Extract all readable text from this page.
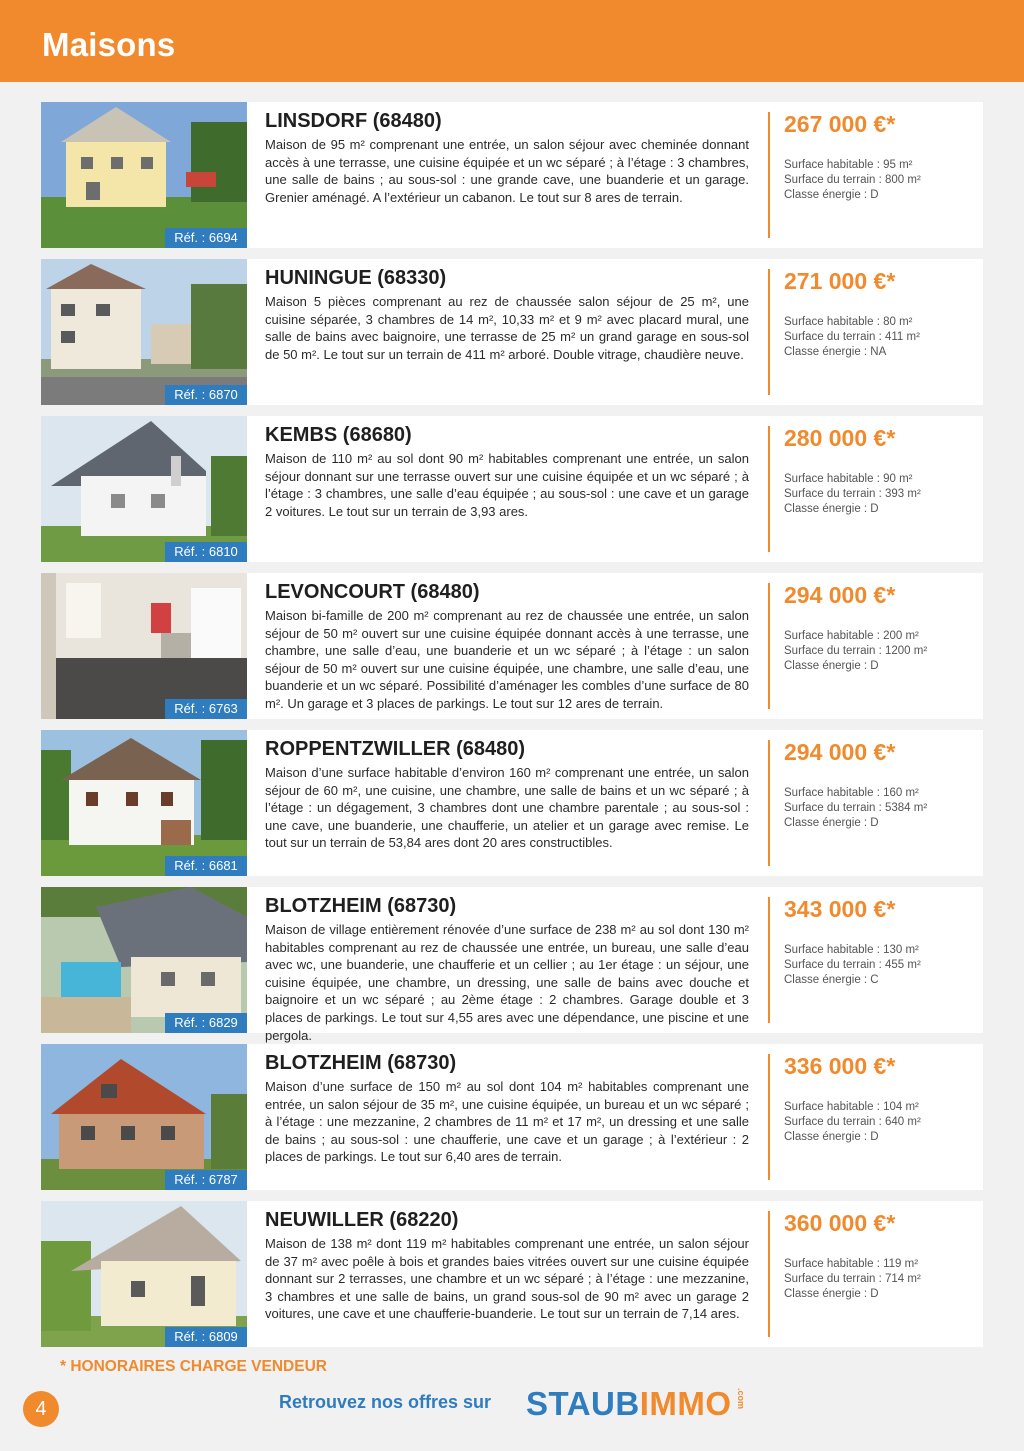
Maisons
Réf. : 6694
LINSDORF (68480)
Maison de 95 m² comprenant une entrée, un salon séjour avec cheminée donnant accès à une terrasse, une cuisine équipée et un wc séparé ; à l’étage : 3 chambres, une salle de bains ; au sous-sol : une grande cave, une buanderie et un garage. Grenier aménagé. A l’extérieur un cabanon. Le tout sur 8 ares de terrain.
267 000 €*
Surface habitable : 95 m²
Surface du terrain : 800 m²
Classe énergie : D
Réf. : 6870
HUNINGUE (68330)
Maison 5 pièces comprenant au rez de chaussée salon séjour de 25 m², une cuisine séparée, 3 chambres de 14 m², 10,33 m² et 9 m² avec placard mural, une salle de bains avec baignoire, une terrasse de 25 m² un grand garage en sous-sol de 50 m². Le tout sur un terrain de 411 m² arboré. Double vitrage, chaudière neuve.
271 000 €*
Surface habitable : 80 m²
Surface du terrain : 411 m²
Classe énergie : NA
Réf. : 6810
KEMBS (68680)
Maison de 110 m² au sol dont 90 m² habitables comprenant une entrée, un salon séjour donnant sur une terrasse ouvert sur une cuisine équipée et un wc séparé ; à l’étage : 3 chambres, une salle d’eau équipée ; au sous-sol : une cave et un garage 2 voitures. Le tout sur un terrain de 3,93 ares.
280 000 €*
Surface habitable : 90 m²
Surface du terrain : 393 m²
Classe énergie : D
Réf. : 6763
LEVONCOURT (68480)
Maison bi-famille de 200 m² comprenant au rez de chaussée une entrée, un salon séjour de 50 m² ouvert sur une cuisine équipée donnant accès à une terrasse, une chambre, une salle d’eau, une buanderie et un wc séparé ; à l’étage : un salon séjour de 50 m² ouvert sur une cuisine équipée, une chambre, une salle d’eau, une buanderie et un wc séparé. Possibilité d’aménager les combles d’une surface de 80 m². Un garage et 3 places de parkings. Le tout sur 12 ares de terrain.
294 000 €*
Surface habitable : 200 m²
Surface du terrain : 1200 m²
Classe énergie : D
Réf. : 6681
ROPPENTZWILLER (68480)
Maison d’une surface habitable d’environ 160 m² comprenant une entrée, un salon séjour de 60 m², une cuisine, une chambre, une salle de bains et un wc séparé ; à l’étage : un dégagement, 3 chambres dont une chambre parentale ; au sous-sol : une cave, une buanderie, une chaufferie, un atelier et un garage avec remise. Le tout sur un terrain de 53,84 ares dont 20 ares constructibles.
294 000 €*
Surface habitable : 160 m²
Surface du terrain : 5384 m²
Classe énergie : D
Réf. : 6829
BLOTZHEIM (68730)
Maison de village entièrement rénovée d’une surface de 238 m² au sol dont 130 m² habitables comprenant au rez de chaussée une entrée, un bureau, une salle d’eau avec wc, une buanderie, une chaufferie et un cellier ; au 1er étage : un séjour, une cuisine équipée, une chambre, un dressing, une salle de bains avec douche et baignoire et un wc séparé ; au 2ème étage : 2 chambres. Garage double et 3 places de parkings. Le tout sur 4,55 ares avec une dépendance, une piscine et une pergola.
343 000 €*
Surface habitable : 130 m²
Surface du terrain : 455 m²
Classe énergie : C
Réf. : 6787
BLOTZHEIM (68730)
Maison d’une surface de 150 m² au sol dont 104 m² habitables comprenant une entrée, un salon séjour de 35 m², une cuisine équipée, un bureau et un wc séparé ; à l’étage : une mezzanine, 2 chambres de 11 m² et 17 m², un dressing et une salle de bains ; au sous-sol : une chaufferie, une cave et un garage ; à l’extérieur : 2 places de parkings. Le tout sur 6,40 ares de terrain.
336 000 €*
Surface habitable : 104 m²
Surface du terrain : 640 m²
Classe énergie : D
Réf. : 6809
NEUWILLER (68220)
Maison de 138 m² dont 119 m² habitables comprenant une entrée, un salon séjour de 37 m² avec poêle à bois et grandes baies vitrées ouvert sur une cuisine équipée donnant sur 2 terrasses, une chambre et un wc séparé ; à l’étage : une mezzanine, 3 chambres et une salle de bains, un grand sous-sol de 90 m² avec un garage 2 voitures, une cave et une chaufferie-buanderie. Le tout sur un terrain de 7,14 ares.
360 000 €*
Surface habitable : 119 m²
Surface du terrain : 714 m²
Classe énergie : D
* HONORAIRES CHARGE VENDEUR
4	Retrouvez nos offres sur STAUBIMMO .com
